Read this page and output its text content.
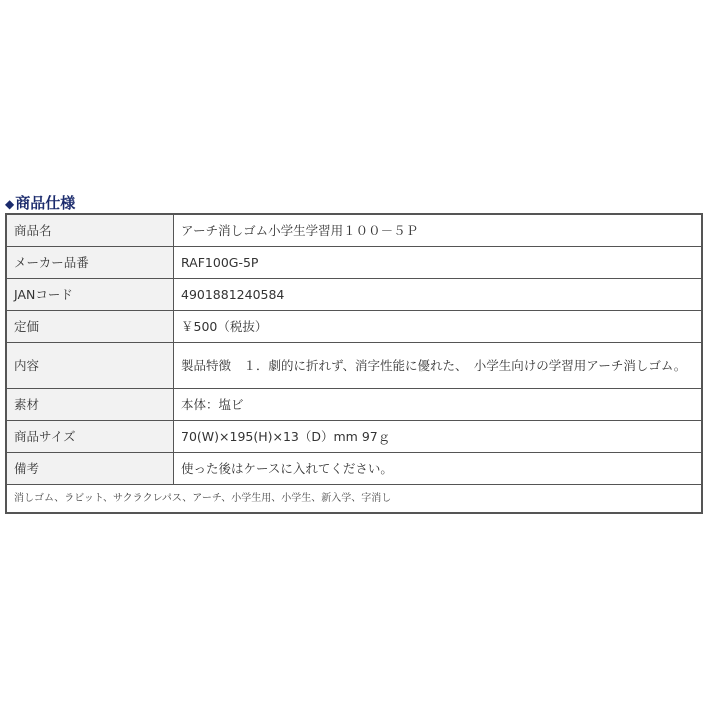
◆商品仕様
商品名	アーチ消しゴム小学生学習用１００－５Ｐ
メーカー品番	RAF100G-5P
JANコード	4901881240584
定価	￥500（税抜）
内容	製品特徴　１．劇的に折れず、消字性能に優れた、　小学生向けの学習用アーチ消しゴム。
素材	本体：塩ビ
商品サイズ	70(W)×195(H)×13（D）mm 97ｇ
備考	使った後はケースに入れてください。
消しゴム、ラビット、サクラクレパス、アーチ、小学生用、小学生、新入学、字消し	
